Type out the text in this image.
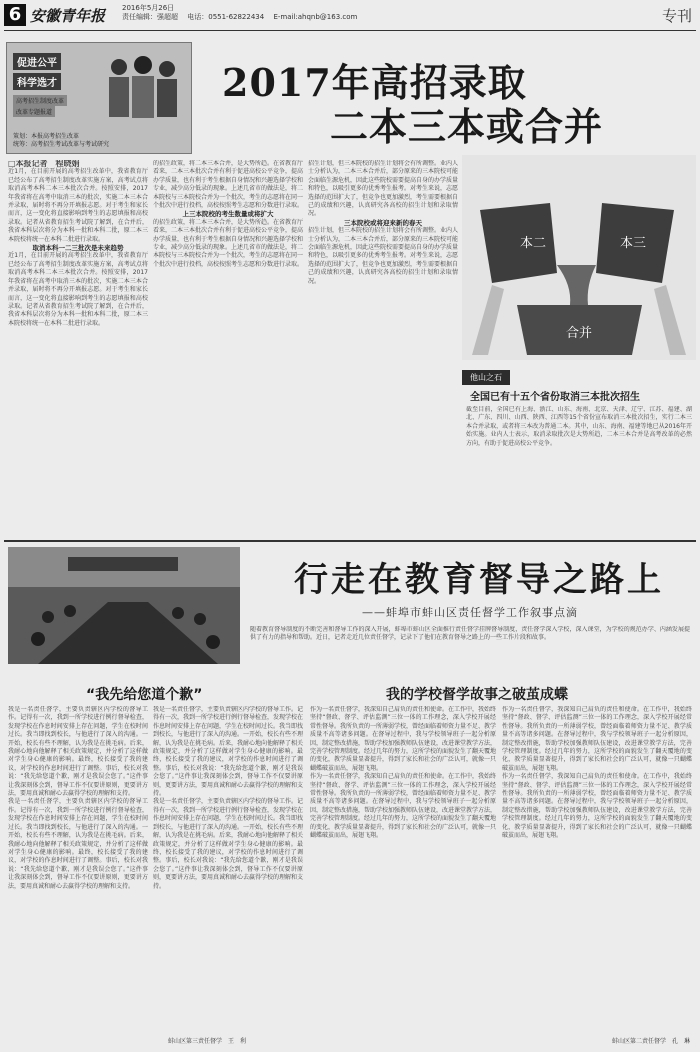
6 安徽青年报 2016年5月26日
责任编辑：强超超　 电话：0551-62822434　 E-mail:ahqnb@163.com	专刊
促进公平
科学选才
高考招生制度改革
改革专题报道
策划：本报高考招生改革
统筹：高考招生考试改革与考试研究
2017年高招录取
二本三本或合并

□本报记者　程晓娟

近1月，在目前开展的高考招生改革中，我省教育厅已经公布了高考招生制度改革实施方案，高考试点将取消高考本科二本三本批次合并。按照安排，2017年我省将在高考中取消三本的批次，实施二本三本合并录取，届时将不再分开填报志愿。对于考生和家长而言，这一变化将直接影响到考生的志愿填报和高校录取。记者从省教育招生考试院了解到，在合并后，我省本科层次将分为本科一批和本科二批，原二本三本院校将统一在本科二批进行录取。

取消本科一二三批次是未来趋势

近1月，在目前开展的高考招生改革中，我省教育厅已经公布了高考招生制度改革实施方案，高考试点将取消高考本科二本三本批次合并。按照安排，2017年我省将在高考中取消三本的批次，实施二本三本合并录取，届时将不再分开填报志愿。对于考生和家长而言，这一变化将直接影响到考生的志愿填报和高校录取。记者从省教育招生考试院了解到，在合并后，我省本科层次将分为本科一批和本科二批，原二本三本院校将统一在本科二批进行录取。

的招生政策，将二本三本合并，是大势所趋。在省教育厅看来，二本三本批次合并有利于促进高校公平竞争，提高办学质量，也有利于考生根据自身情况和兴趣选择学校和专业，减少高分低录的现象。上述几省市的做法是，将二本院校与三本院校合并为一个批次，考生的志愿将在同一个批次中进行投档，高校按照考生志愿和分数进行录取。

上三本院校的考生数量或将扩大

的招生政策，将二本三本合并，是大势所趋。在省教育厅看来，二本三本批次合并有利于促进高校公平竞争，提高办学质量，也有利于考生根据自身情况和兴趣选择学校和专业，减少高分低录的现象。上述几省市的做法是，将二本院校与三本院校合并为一个批次，考生的志愿将在同一个批次中进行投档，高校按照考生志愿和分数进行录取。

招生计划，但三本院校的招生计划将会有所调整。业内人士分析认为，二本三本合并后，部分原来的三本院校可能会面临生源危机，因此这些院校需要提高自身的办学质量和特色，以吸引更多的优秀考生报考。对考生来说，志愿选择的范围扩大了，但竞争也更加激烈，考生需要根据自己的成绩和兴趣，认真研究各高校的招生计划和录取情况。

三本院校或将迎来新的春天

招生计划，但三本院校的招生计划将会有所调整。业内人士分析认为，二本三本合并后，部分原来的三本院校可能会面临生源危机，因此这些院校需要提高自身的办学质量和特色，以吸引更多的优秀考生报考。对考生来说，志愿选择的范围扩大了，但竞争也更加激烈，考生需要根据自己的成绩和兴趣，认真研究各高校的招生计划和录取情况。

本二	本三
合并
他山之石
全国已有十五个省份取消三本批次招生

截至目前，全国已有上海、浙江、山东、海南、北京、天津、辽宁、江苏、福建、湖北、广东、四川、山西、陕西、江西等15个省份宣布取消三本批次招生，实行二本三本合并录取，或者将三本改为普通二本。其中，山东、海南、福建等地已从2016年开始实施。业内人士表示，取消录取批次是大势所趋，二本三本合并是高考改革的必然方向，有助于促进高校公平竞争。

行走在教育督导之路上
——蚌埠市蚌山区责任督学工作叙事点滴

随着教育督导制度的不断完善和督导工作的深入开展，蚌埠市蚌山区全面推行责任督学挂牌督导制度，责任督学深入学校，深入课堂，为学校的规范办学、内涵发展提供了有力的指导和帮助。近日，记者走近几位责任督学，记录下了他们在教育督导之路上的一些工作片段和故事。

“我先给您道个歉”	我的学校督学故事之破茧成蝶

我是一名责任督学，主要负责辖区内学校的督导工作。记得有一次，我到一所学校进行例行督导检查，发现学校在作息时间安排上存在问题，学生在校时间过长。我当即找到校长，与他进行了深入的沟通。一开始，校长有些不理解，认为我是在挑毛病。后来，我耐心地向他解释了相关政策规定，并分析了这样做对学生身心健康的影响。最终，校长接受了我的建议，对学校的作息时间进行了调整。事后，校长对我说：“我先给您道个歉，刚才是我误会您了。”这件事让我深刻体会到，督导工作不仅要讲原则，更要讲方法，要用真诚和耐心去赢得学校的理解和支持。

我是一名责任督学，主要负责辖区内学校的督导工作。记得有一次，我到一所学校进行例行督导检查，发现学校在作息时间安排上存在问题，学生在校时间过长。我当即找到校长，与他进行了深入的沟通。一开始，校长有些不理解，认为我是在挑毛病。后来，我耐心地向他解释了相关政策规定，并分析了这样做对学生身心健康的影响。最终，校长接受了我的建议，对学校的作息时间进行了调整。事后，校长对我说：“我先给您道个歉，刚才是我误会您了。”这件事让我深刻体会到，督导工作不仅要讲原则，更要讲方法，要用真诚和耐心去赢得学校的理解和支持。

我是一名责任督学，主要负责辖区内学校的督导工作。记得有一次，我到一所学校进行例行督导检查，发现学校在作息时间安排上存在问题，学生在校时间过长。我当即找到校长，与他进行了深入的沟通。一开始，校长有些不理解，认为我是在挑毛病。后来，我耐心地向他解释了相关政策规定，并分析了这样做对学生身心健康的影响。最终，校长接受了我的建议，对学校的作息时间进行了调整。事后，校长对我说：“我先给您道个歉，刚才是我误会您了。”这件事让我深刻体会到，督导工作不仅要讲原则，更要讲方法，要用真诚和耐心去赢得学校的理解和支持。

我是一名责任督学，主要负责辖区内学校的督导工作。记得有一次，我到一所学校进行例行督导检查，发现学校在作息时间安排上存在问题，学生在校时间过长。我当即找到校长，与他进行了深入的沟通。一开始，校长有些不理解，认为我是在挑毛病。后来，我耐心地向他解释了相关政策规定，并分析了这样做对学生身心健康的影响。最终，校长接受了我的建议，对学校的作息时间进行了调整。事后，校长对我说：“我先给您道个歉，刚才是我误会您了。”这件事让我深刻体会到，督导工作不仅要讲原则，更要讲方法，要用真诚和耐心去赢得学校的理解和支持。

蚌山区第三责任督学　王　利

作为一名责任督学，我深知自己肩负的责任和使命。在工作中，我始终坚持“督政、督学、评估监测”三位一体的工作理念，深入学校开展经常性督导。我所负责的一所薄弱学校，曾经面临着师资力量不足、教学质量不高等诸多问题。在督导过程中，我与学校领导班子一起分析原因，制定整改措施，帮助学校加强教师队伍建设，改进课堂教学方法，完善学校管理制度。经过几年的努力，这所学校的面貌发生了翻天覆地的变化，教学质量显著提升，得到了家长和社会的广泛认可，就像一只蝴蝶破茧而出，展翅飞翔。

作为一名责任督学，我深知自己肩负的责任和使命。在工作中，我始终坚持“督政、督学、评估监测”三位一体的工作理念，深入学校开展经常性督导。我所负责的一所薄弱学校，曾经面临着师资力量不足、教学质量不高等诸多问题。在督导过程中，我与学校领导班子一起分析原因，制定整改措施，帮助学校加强教师队伍建设，改进课堂教学方法，完善学校管理制度。经过几年的努力，这所学校的面貌发生了翻天覆地的变化，教学质量显著提升，得到了家长和社会的广泛认可，就像一只蝴蝶破茧而出，展翅飞翔。

作为一名责任督学，我深知自己肩负的责任和使命。在工作中，我始终坚持“督政、督学、评估监测”三位一体的工作理念，深入学校开展经常性督导。我所负责的一所薄弱学校，曾经面临着师资力量不足、教学质量不高等诸多问题。在督导过程中，我与学校领导班子一起分析原因，制定整改措施，帮助学校加强教师队伍建设，改进课堂教学方法，完善学校管理制度。经过几年的努力，这所学校的面貌发生了翻天覆地的变化，教学质量显著提升，得到了家长和社会的广泛认可，就像一只蝴蝶破茧而出，展翅飞翔。

作为一名责任督学，我深知自己肩负的责任和使命。在工作中，我始终坚持“督政、督学、评估监测”三位一体的工作理念，深入学校开展经常性督导。我所负责的一所薄弱学校，曾经面临着师资力量不足、教学质量不高等诸多问题。在督导过程中，我与学校领导班子一起分析原因，制定整改措施，帮助学校加强教师队伍建设，改进课堂教学方法，完善学校管理制度。经过几年的努力，这所学校的面貌发生了翻天覆地的变化，教学质量显著提升，得到了家长和社会的广泛认可，就像一只蝴蝶破茧而出，展翅飞翔。

蚌山区第二责任督学　孔　琳
